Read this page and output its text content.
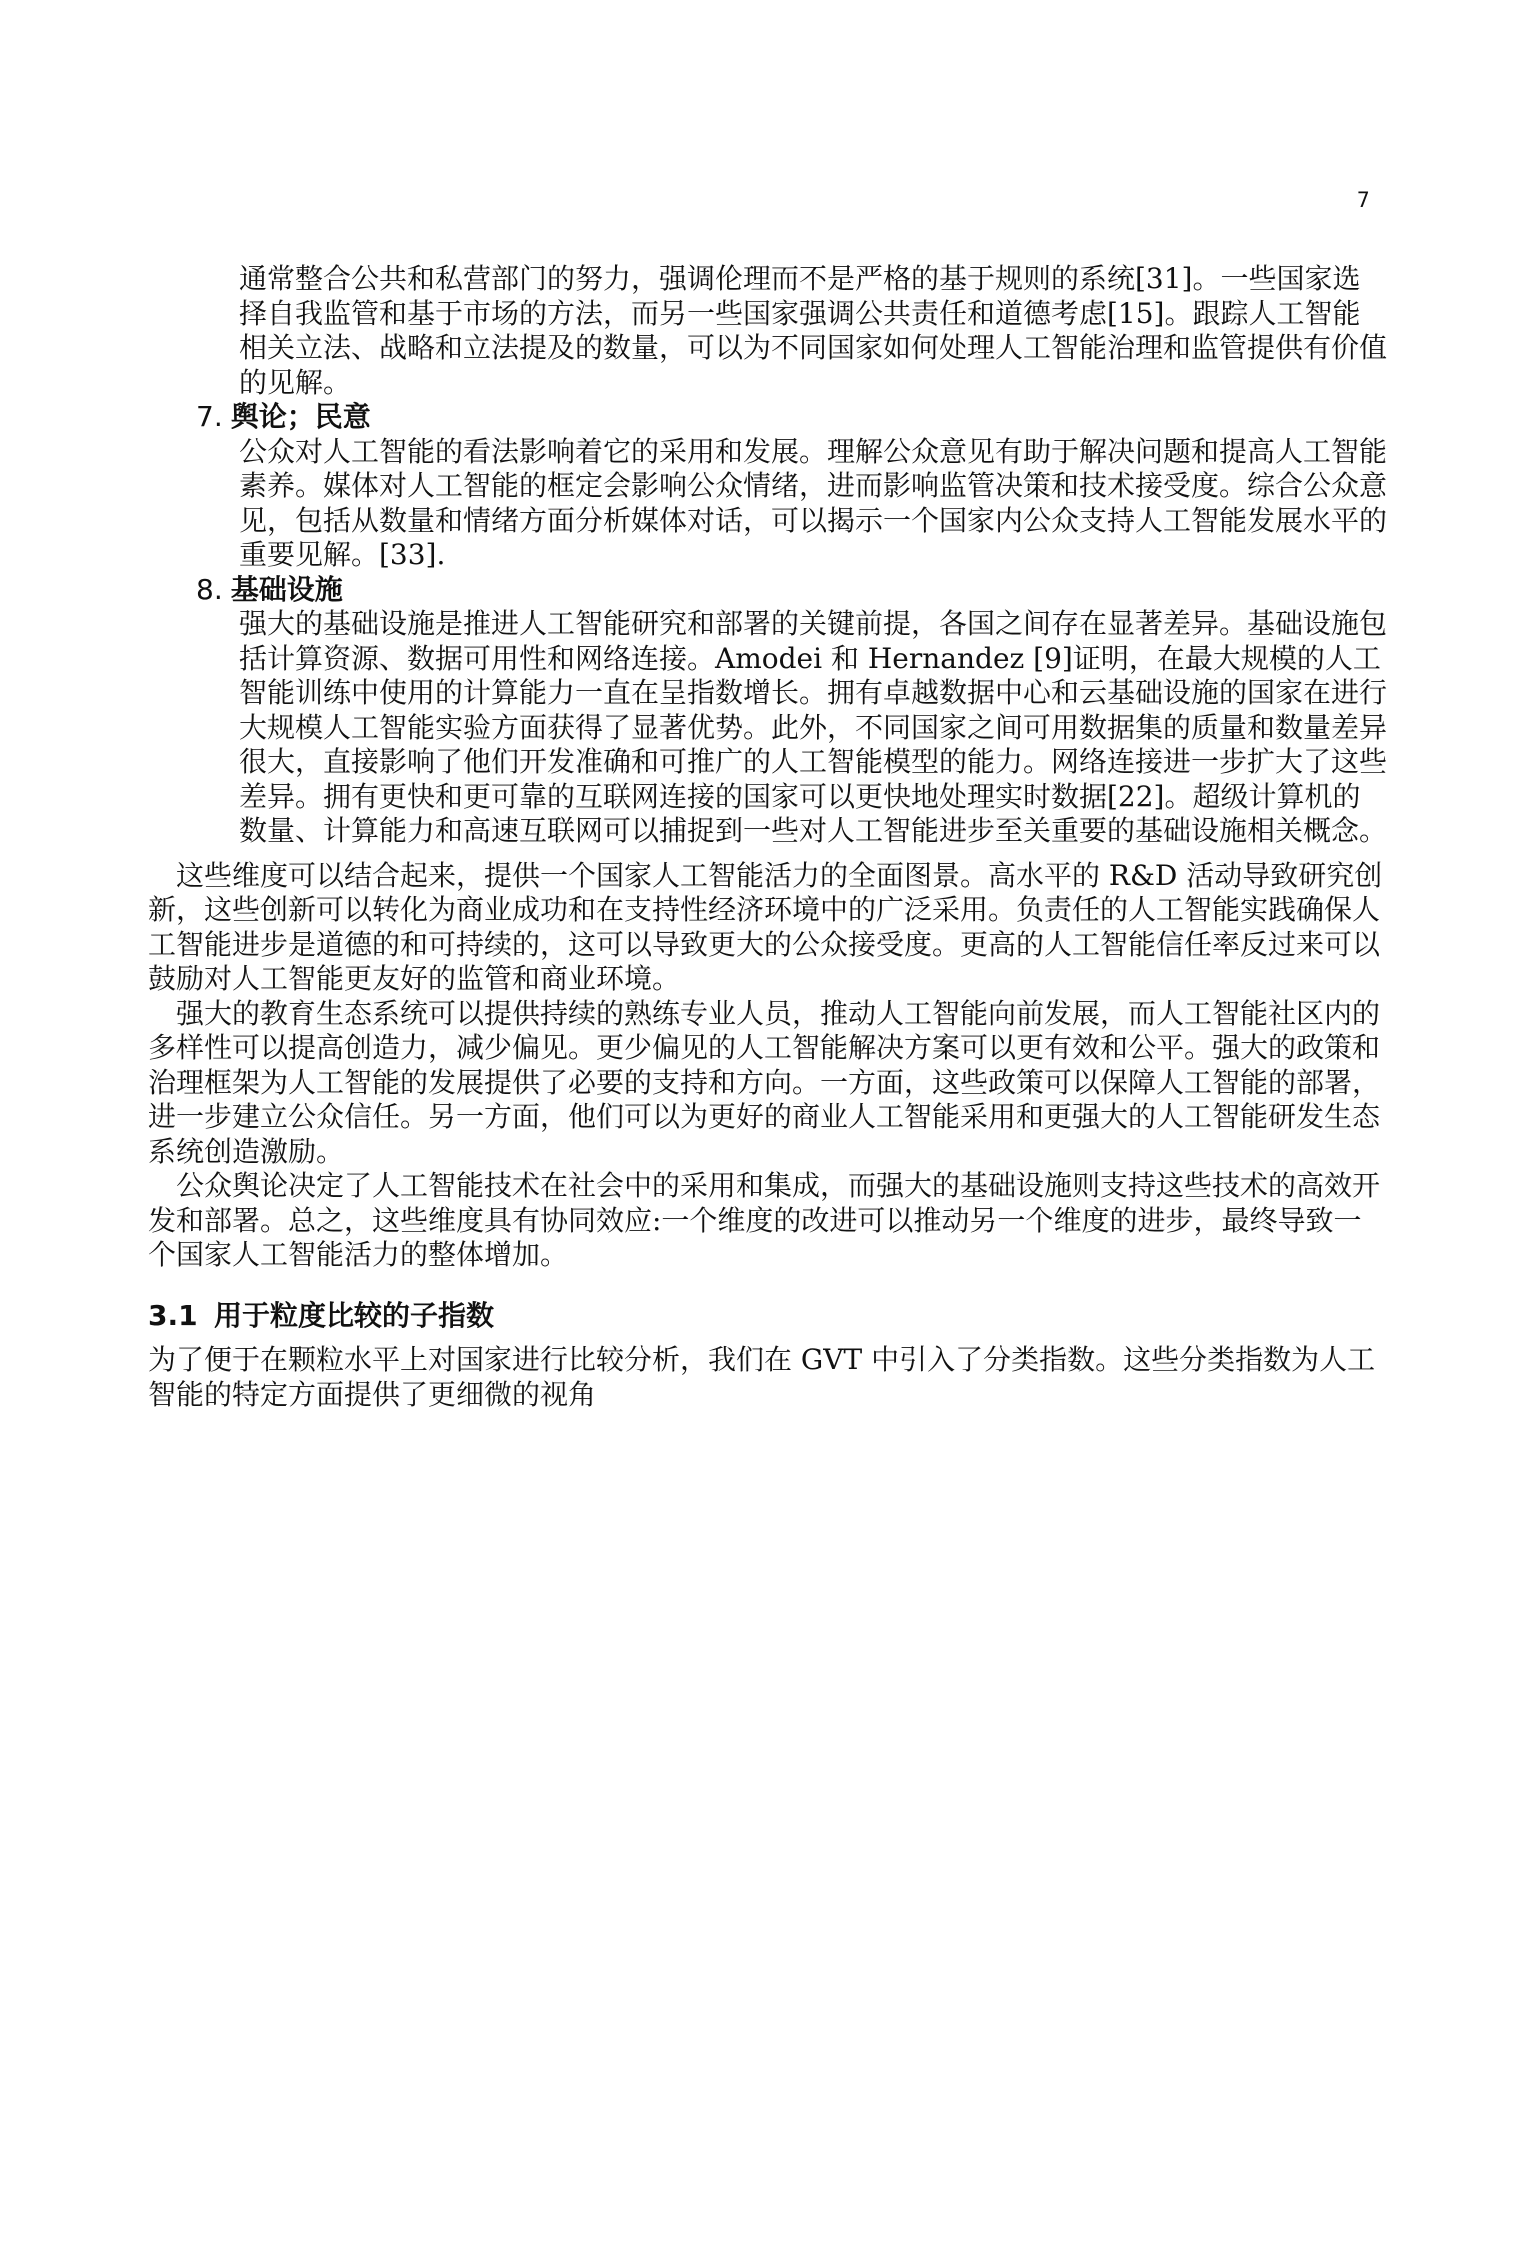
7

通常整合公共和私营部门的努力，强调伦理而不是严格的基于规则的系统[31]。一些国家选择自我监管和基于市场的方法，而另一些国家强调公共责任和道德考虑[15]。跟踪人工智能相关立法、战略和立法提及的数量，可以为不同国家如何处理人工智能治理和监管提供有价值的见解。

7. 舆论；民意

公众对人工智能的看法影响着它的采用和发展。理解公众意见有助于解决问题和提高人工智能素养。媒体对人工智能的框定会影响公众情绪，进而影响监管决策和技术接受度。综合公众意见，包括从数量和情绪方面分析媒体对话，可以揭示一个国家内公众支持人工智能发展水平的重要见解。[33].

8. 基础设施

强大的基础设施是推进人工智能研究和部署的关键前提，各国之间存在显著差异。基础设施包括计算资源、数据可用性和网络连接。Amodei 和 Hernandez [9]证明，在最大规模的人工智能训练中使用的计算能力一直在呈指数增长。拥有卓越数据中心和云基础设施的国家在进行大规模人工智能实验方面获得了显著优势。此外，不同国家之间可用数据集的质量和数量差异很大，直接影响了他们开发准确和可推广的人工智能模型的能力。网络连接进一步扩大了这些差异。拥有更快和更可靠的互联网连接的国家可以更快地处理实时数据[22]。超级计算机的数量、计算能力和高速互联网可以捕捉到一些对人工智能进步至关重要的基础设施相关概念。

这些维度可以结合起来，提供一个国家人工智能活力的全面图景。高水平的 R&D 活动导致研究创新，这些创新可以转化为商业成功和在支持性经济环境中的广泛采用。负责任的人工智能实践确保人工智能进步是道德的和可持续的，这可以导致更大的公众接受度。更高的人工智能信任率反过来可以鼓励对人工智能更友好的监管和商业环境。

强大的教育生态系统可以提供持续的熟练专业人员，推动人工智能向前发展，而人工智能社区内的多样性可以提高创造力，减少偏见。更少偏见的人工智能解决方案可以更有效和公平。强大的政策和治理框架为人工智能的发展提供了必要的支持和方向。一方面，这些政策可以保障人工智能的部署，进一步建立公众信任。另一方面，他们可以为更好的商业人工智能采用和更强大的人工智能研发生态系统创造激励。

公众舆论决定了人工智能技术在社会中的采用和集成，而强大的基础设施则支持这些技术的高效开发和部署。总之，这些维度具有协同效应:一个维度的改进可以推动另一个维度的进步，最终导致一个国家人工智能活力的整体增加。

3.1 用于粒度比较的子指数

为了便于在颗粒水平上对国家进行比较分析，我们在 GVT 中引入了分类指数。这些分类指数为人工智能的特定方面提供了更细微的视角
